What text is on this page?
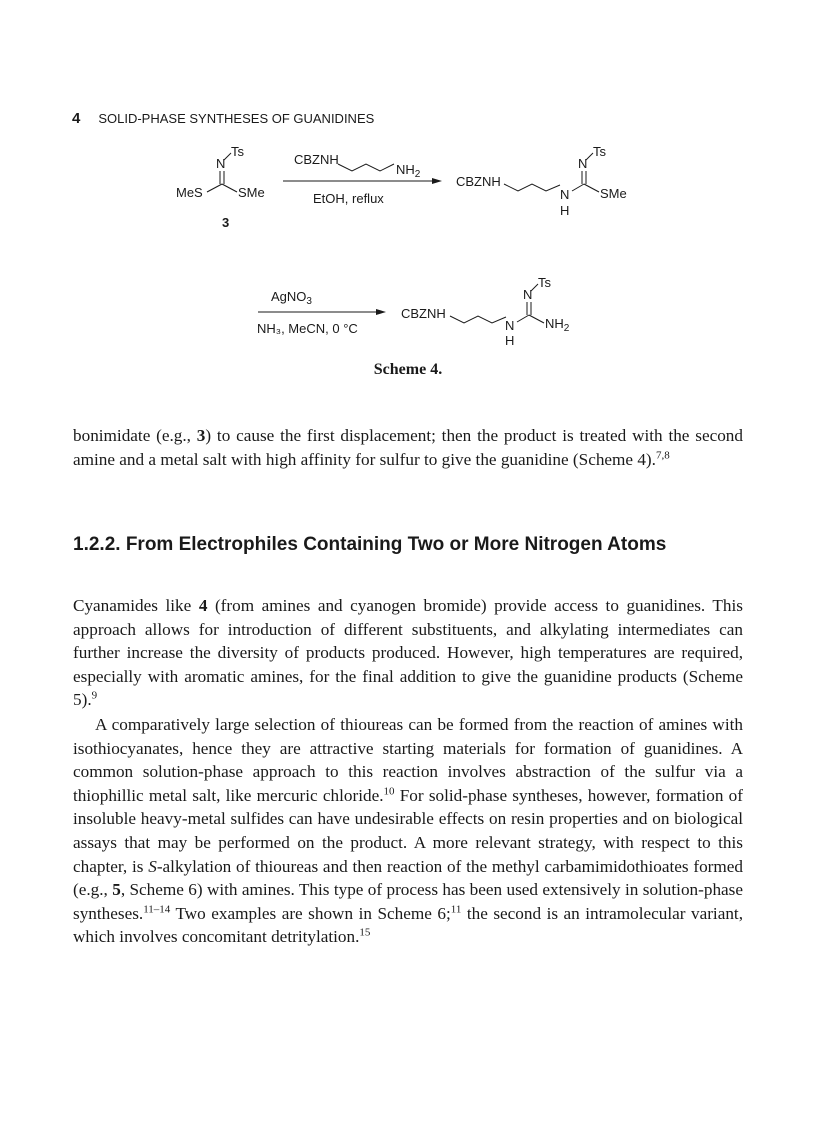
4 SOLID-PHASE SYNTHESES OF GUANIDINES
Ts
N
MeS	SMe
3
CBZNH
$NH_2$
EtOH, reflux
CBZNH
Ts
N
N
H
SMe
AgNO$_3$
NH₃, MeCN, 0 °C
CBZNH
Ts
N
N
H
$NH_2$
Scheme 4.

bonimidate (e.g., 3) to cause the first displacement; then the product is treated with the second amine and a metal salt with high affinity for sulfur to give the guanidine (Scheme 4).$^{7,8}$

1.2.2. From Electrophiles Containing Two or More Nitrogen Atoms

Cyanamides like 4 (from amines and cyanogen bromide) provide access to guanidines. This approach allows for introduction of different substituents, and alkylating intermediates can further increase the diversity of products produced. However, high temperatures are required, especially with aromatic amines, for the final addition to give the guanidine products (Scheme 5).$^9$

A comparatively large selection of thioureas can be formed from the reaction of amines with isothiocyanates, hence they are attractive starting materials for formation of guanidines. A common solution-phase approach to this reaction involves abstraction of the sulfur via a thiophillic metal salt, like mercuric chloride.$^{10}$ For solid-phase syntheses, however, formation of insoluble heavy-metal sulfides can have undesirable effects on resin properties and on biological assays that may be performed on the product. A more relevant strategy, with respect to this chapter, is S-alkylation of thioureas and then reaction of the methyl carbamimidothioates formed (e.g., 5, Scheme 6) with amines. This type of process has been used extensively in solution-phase syntheses.$^{11-14}$ Two examples are shown in Scheme 6;$^{11}$ the second is an intramolecular variant, which involves concomitant detritylation.$^{15}$
